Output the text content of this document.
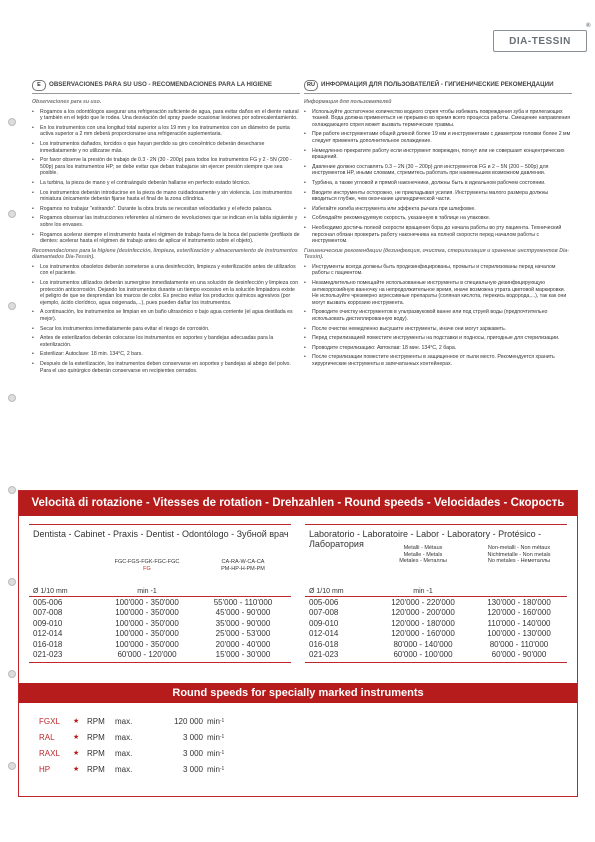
DIA-TESSIN
®
E	OBSERVACIONES PARA SU USO - RECOMENDACIONES PARA LA HIGIENE
Observaciones para su uso.
• Rogamos a los odontólogos asegurar una refrigeración suficiente de agua, para evitar daños en el diente natural y también en el tejido que le rodea. Una desviación del spray puede ocasionar lesiones por sobrecalentamiento.
• En los instrumentos con una longitud total superior a los 19 mm y los instrumentos con un diámetro de punta activa superior a 2 mm deberá proporcionarse una refrigeración suplementaria.
• Los instrumentos dañados, torcidos o que hayan perdido su giro concéntrico deberán desecharse inmediatamente y no utilizarse más.
• Por favor observe la presión de trabajo de 0.3 - 2N (30 - 200p) para todos los instrumentos FG y 2 - 5N (200 - 500p) para los instrumentos HP; se debe evitar que deban trabajarse sin ejercer presión siempre que sea posible.
• La turbina, la pieza de mano y el contraángulo deberán hallarse en perfecto estado técnico.
• Los instrumentos deberán introducirse en la pieza de mano cuidadosamente y sin violencia. Los instrumentos miniatura únicamente deberán fijarse hasta el final de la zona cilíndrica.
• Rogamos no trabajar "estirando". Durante la obra bruta se necesitan velocidades y el efecto palanca.
• Rogamos observar las instrucciones referentes al número de revoluciones que se indican en la tabla siguiente y sobre los envases.
• Rogamos acelerar siempre el instrumento hasta el régimen de trabajo fuera de la boca del paciente (profilaxis de dientes: acelerar hasta el régimen de trabajo antes de aplicar el instrumento sobre el objeto).
Recomendaciones para la higiene (desinfección, limpieza, esterilización y almacenamiento de instrumentos diamantados Dia-Tessin).
• Los instrumentos obsoletos deberán someterse a una desinfección, limpieza y esterilización antes de utilizarlos con el paciente.
• Los instrumentos utilizados deberán sumergirse inmediatamente en una solución de desinfección y limpieza con protección anticorrosión. Dejando los instrumentos durante un tiempo excesivo en la solución limpiadora existe el peligro de que se desprendan los marcos de color. Es preciso evitar los productos químicos agresivos (por ejemplo, ácido clorídrico, agua oxigenada,...), pues pueden dañar los instrumentos.
• A continuación, los instrumentos se limpian en un baño ultrasónico o bajo agua corriente (el agua destilada es mejor).
• Secar los instrumentos inmediatamente para evitar el riesgo de corrosión.
• Antes de esterilizarlos deberán colocarse los instrumentos en soportes y bandejas adecuadas para la esterilización.
• Esterilizar: Autoclave: 18 min. 134°C, 2 bars.
• Después de la esterilización, los instrumentos deben conservarse en soportes y bandejas al abrigo del polvo. Para el uso quirúrgico deberán conservarse en recipientes cerrados.
RU ИНФОРМАЦИЯ ДЛЯ ПОЛЬЗОВАТЕЛЕЙ - ГИГИЕНИЧЕСКИЕ РЕКОМЕНДАЦИИ
Информация для пользователей
• Используйте достаточное количество водного спрея чтобы избежать повреждения зуба и прилегающих тканей. Вода должна применяться не прерывно во время всего процесса работы. Смещение направления охлаждающего спрея может вызвать термические травмы.
• При работе инструментами общей длиной более 19 мм и инструментами с диаметром головки более 2 мм следует применять дополнительное охлаждение.
• Немедленно прекратите работу если инструмент поврежден, погнут или не совершает концентрических вращений.
• Давление должно составлять 0.3 – 2N (30 – 200р) для инструментов FG и 2 – 5N (200 – 500р) для инструментов HP, иными словами, стремитесь работать при наименьшем возможном давлении.
• Турбина, а также угловой и прямой наконечники, должны быть в идеальном рабочем состоянии.
• Вводите инструменты осторожно, не прикладывая усилия. Инструменты малого размера должны вводиться глубже, чем окончание цилиндрической части.
• Избегайте изгиба инструмента или эффекта рычага при шлифовке.
• Соблюдайте рекомендуемую скорость, указанную в таблице на упаковке.
• Необходимо достичь полной скорости вращения бора до начала работы во рту пациента. Технический персонал обязан проверить работу наконечника на полной скорости перед началом работы с инструментом.
Гигиенические рекомендации (дезинфекция, очистка, стерилизация и хранение инструментов Dia-Tessin).
• Инструменты всегда должны быть продезинфицированы, промыты и стерилизованы перед началом работы с пациентом.
• Незамедлительно помещайте использованные инструменты в специальную дезинфицирующую антикоррозийную ванночку на непродолжительное время, иначе возможна утрата цветовой маркировки. Не используйте чрезмерно агрессивные препараты (соляная кислота, перекись водорода,...), так как они могут вызвать коррозию инструмента.
• Проводите очистку инструментов в ультразвуковой ванне или под струей воды (предпочтительно использовать дистиллированную воду).
• После очистки немедленно высушите инструменты, иначе они могут заржаветь.
• Перед стерилизацией поместите инструменты на подставки и подносы, пригодные для стерилизации.
• Проводите стерилизацию: Автоклав: 18 мин. 134°С, 2 бара.
• После стерилизации поместите инструменты в защищенное от пыли место. Рекомендуется хранить хирургические инструменты в запечатанных контейнерах.
Velocità di rotazione - Vitesses de rotation - Drehzahlen - Round speeds - Velocidades - Скорость вращения
Dentista - Cabinet - Praxis - Dentist - Odontólogo - Зубной врач
FGC-FGS-FGK-FGC-FGC
FG
CA-RA-W-CA-CA
PM-HP-H-PM-PM
Ø 1/10 mm	min -1
005-006	100'000 - 350'000	55'000 - 110'000
007-008	100'000 - 350'000	45'000 - 90'000
009-010	100'000 - 350'000	35'000 - 90'000
012-014	100'000 - 350'000	25'000 - 53'000
016-018	100'000 - 350'000	20'000 - 40'000
021-023	60'000 - 120'000	15'000 - 30'000
Laboratorio - Laboratoire - Labor - Laboratory - Protésico - Лаборатория	Metalli - Métaux
Metalle - Metals
Metales - Металлы
Non-metalli - Non métaux
Nichtmetalle - Non metals
No metales - Неметаллы
Ø 1/10 mm	min -1
005-006	120'000 - 220'000	130'000 - 180'000
007-008	120'000 - 200'000	120'000 - 160'000
009-010	120'000 - 180'000	110'000 - 140'000
012-014	120'000 - 160'000	100'000 - 130'000
016-018	80'000 - 140'000	80'000 - 110'000
021-023	60'000 - 100'000	60'000 - 90'000
Round speeds for specially marked instruments
FGXL	★ RPM	max.	120 000 min -1
RAL	★ RPM	max.	3 000 min -1
RAXL	★ RPM	max.	3 000 min -1
HP	★ RPM	max.	3 000 min -1
